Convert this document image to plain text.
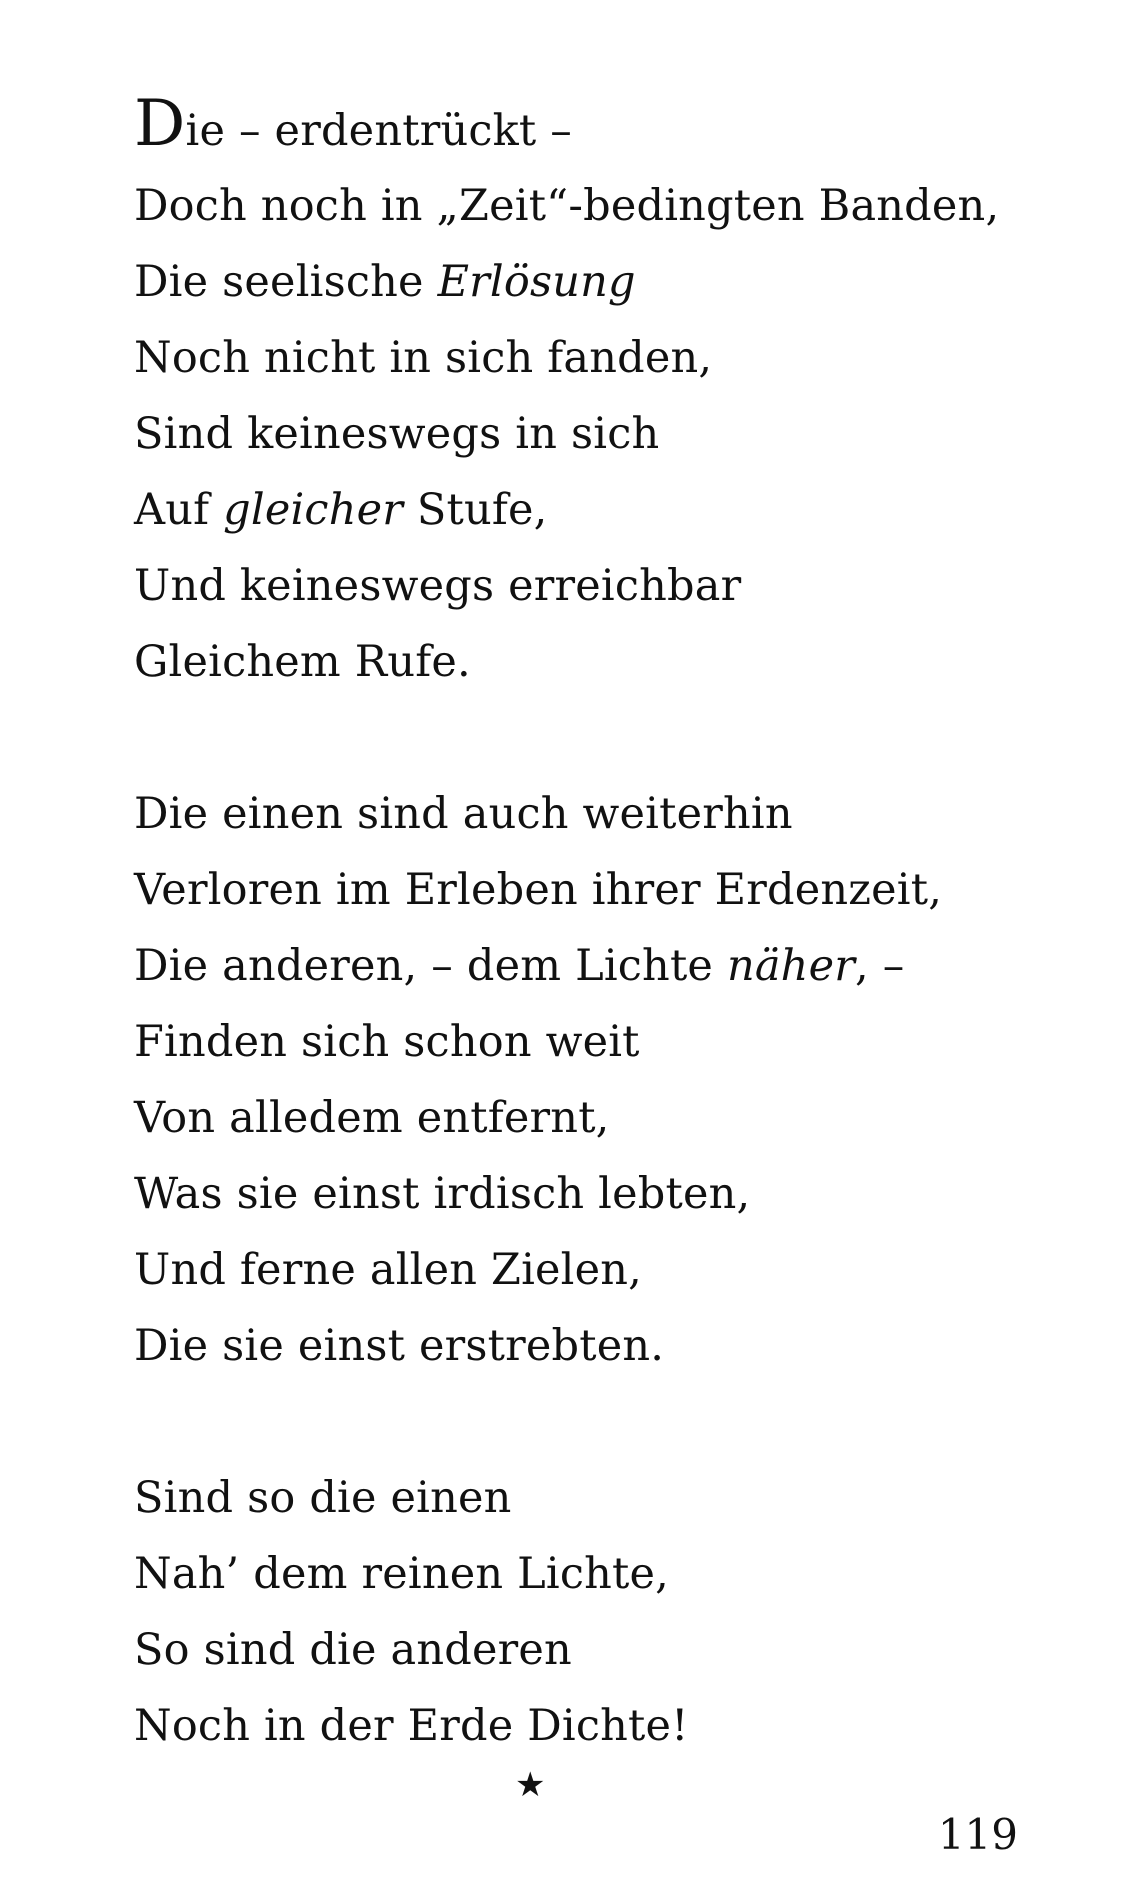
Die – erdentrückt –
Doch noch in „Zeit“-bedingten Banden,
Die seelische Erlösung
Noch nicht in sich fanden,
Sind keineswegs in sich
Auf gleicher Stufe,
Und keineswegs erreichbar
Gleichem Rufe.
Die einen sind auch weiterhin
Verloren im Erleben ihrer Erdenzeit,
Die anderen, – dem Lichte näher, –
Finden sich schon weit
Von alledem entfernt,
Was sie einst irdisch lebten,
Und ferne allen Zielen,
Die sie einst erstrebten.
Sind so die einen
Nah’ dem reinen Lichte,
So sind die anderen
Noch in der Erde Dichte!
★
119
